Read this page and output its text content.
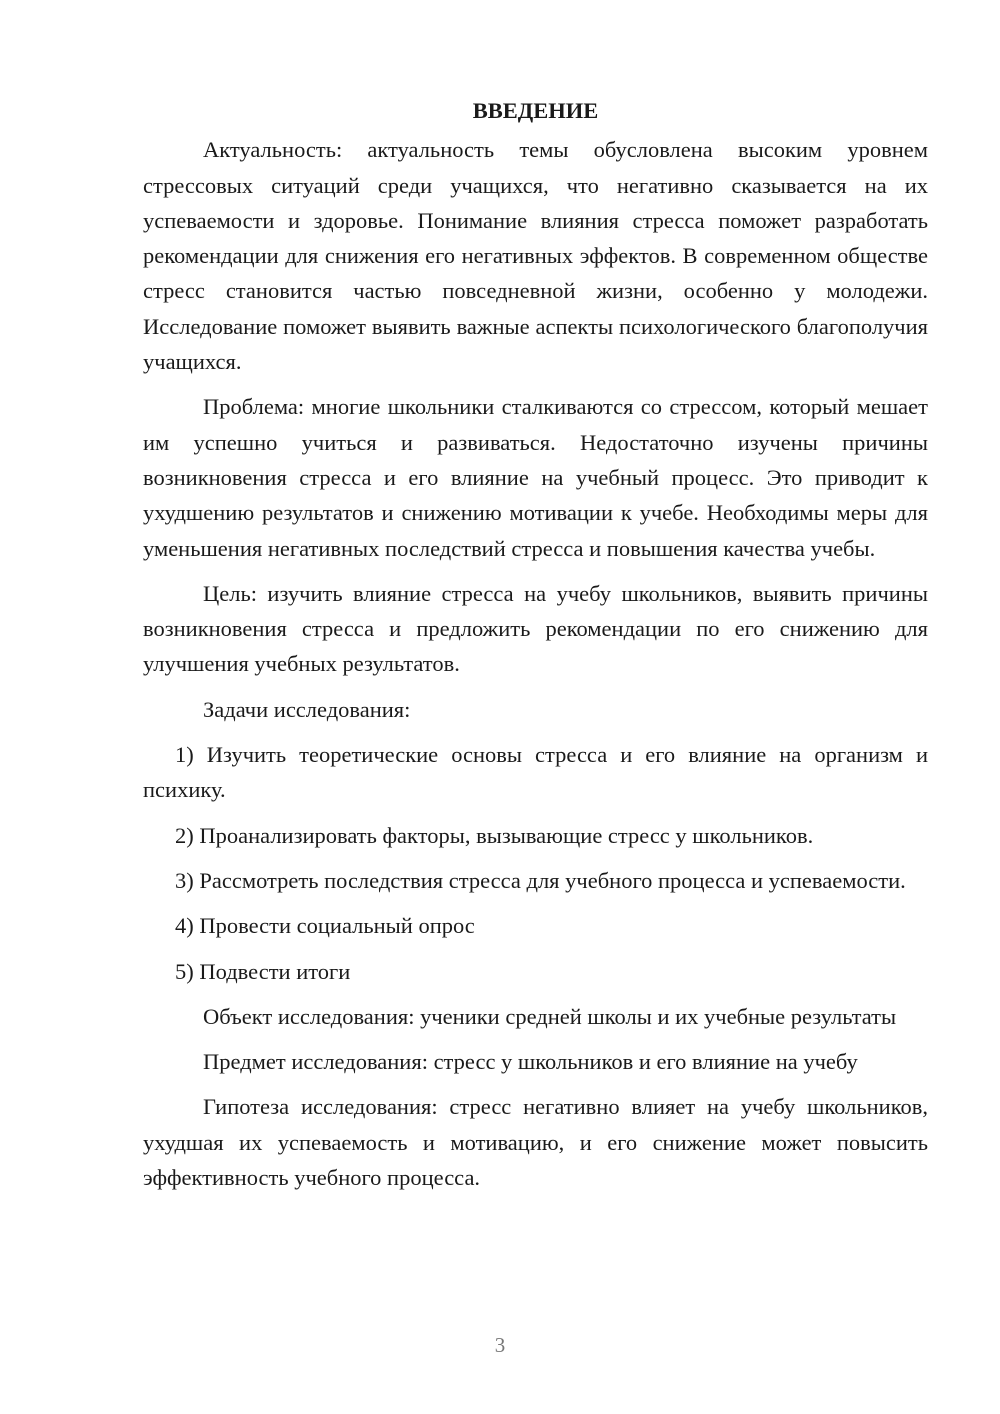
ВВЕДЕНИЕ

Актуальность: актуальность темы обусловлена высоким уровнем стрессовых ситуаций среди учащихся, что негативно сказывается на их успеваемости и здоровье. Понимание влияния стресса поможет разработать рекомендации для снижения его негативных эффектов. В современном обществе стресс становится частью повседневной жизни, особенно у молодежи. Исследование поможет выявить важные аспекты психологического благополучия учащихся.

Проблема: многие школьники сталкиваются со стрессом, который мешает им успешно учиться и развиваться. Недостаточно изучены причины возникновения стресса и его влияние на учебный процесс. Это приводит к ухудшению результатов и снижению мотивации к учебе. Необходимы меры для уменьшения негативных последствий стресса и повышения качества учебы.

Цель: изучить влияние стресса на учебу школьников, выявить причины возникновения стресса и предложить рекомендации по его снижению для улучшения учебных результатов.

Задачи исследования:

1) Изучить теоретические основы стресса и его влияние на организм и психику.

2) Проанализировать факторы, вызывающие стресс у школьников.

3) Рассмотреть последствия стресса для учебного процесса и успеваемости.

4) Провести социальный опрос

5) Подвести итоги

Объект исследования: ученики средней школы и их учебные результаты

Предмет исследования: стресс у школьников и его влияние на учебу

Гипотеза исследования: стресс негативно влияет на учебу школьников, ухудшая их успеваемость и мотивацию, и его снижение может повысить эффективность учебного процесса.

3
